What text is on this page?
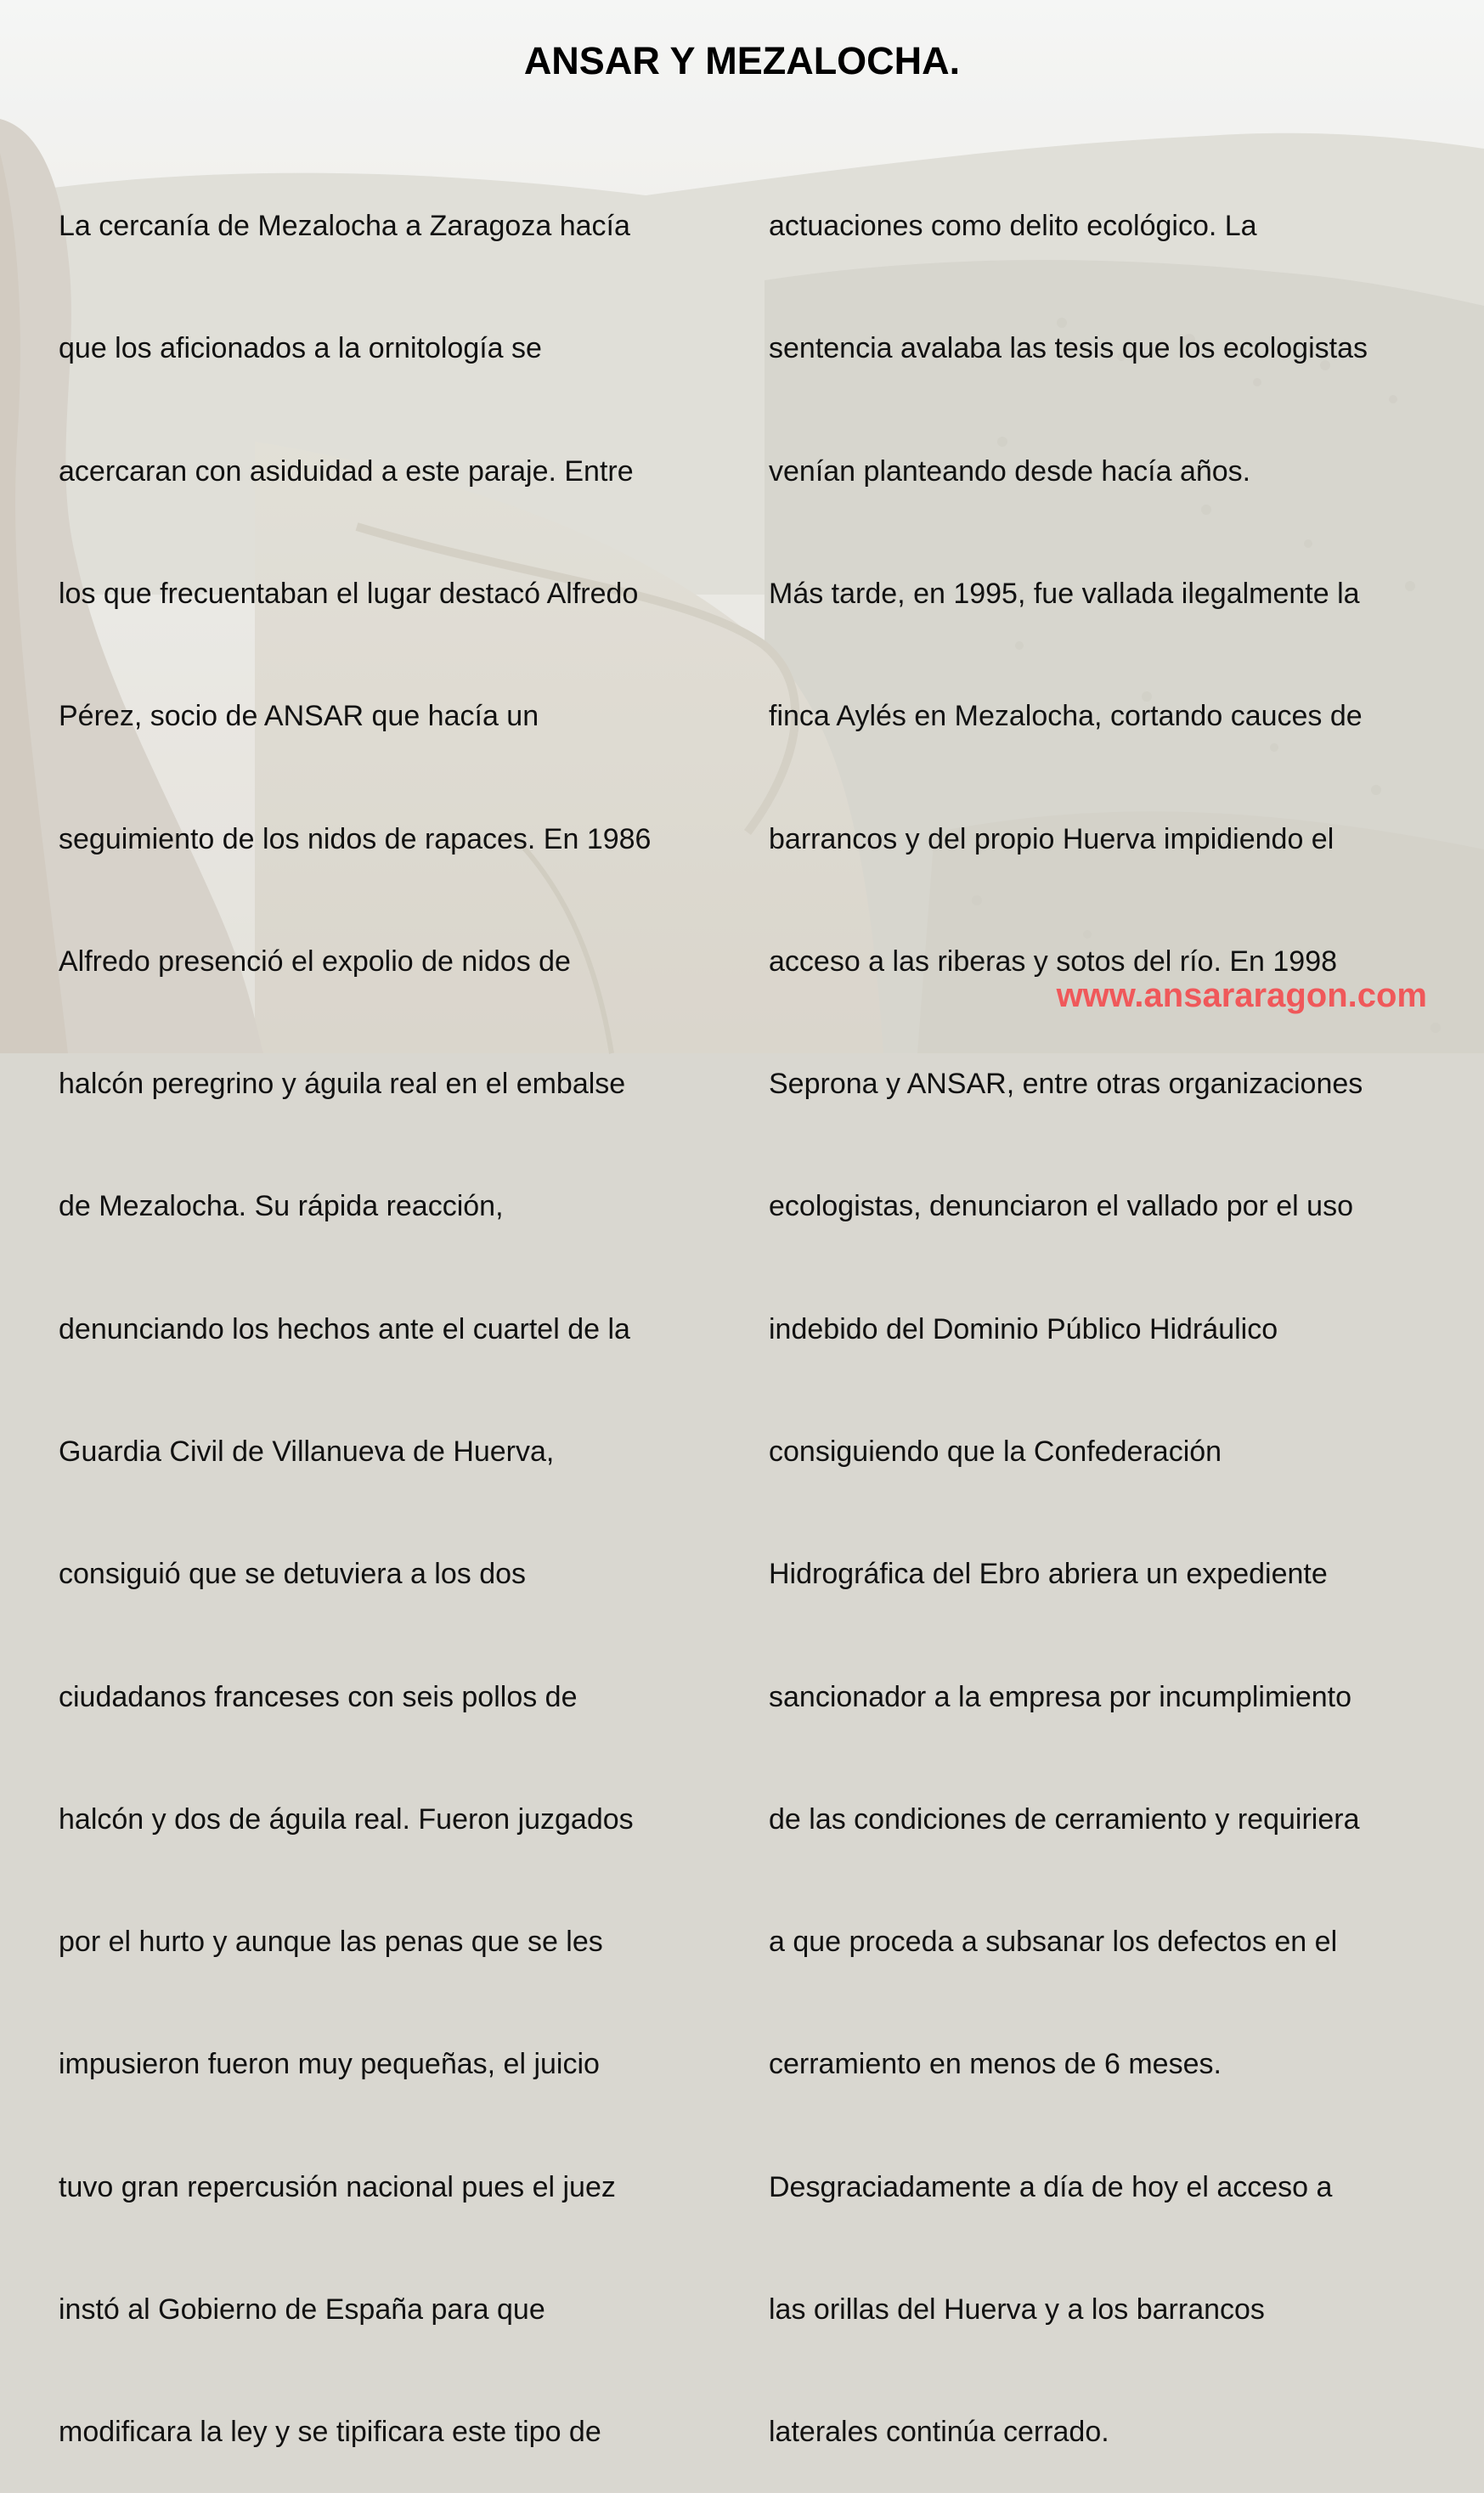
ANSAR Y MEZALOCHA.

La cercanía de Mezalocha a Zaragoza hacía

que los aficionados a la ornitología se

acercaran con asiduidad a este paraje. Entre

los que frecuentaban el lugar destacó Alfredo

Pérez, socio de ANSAR que hacía un

seguimiento de los nidos de rapaces. En 1986

Alfredo presenció el expolio de nidos de

halcón peregrino y águila real en el embalse

de Mezalocha. Su rápida reacción,

denunciando los hechos ante el cuartel de la

Guardia Civil de Villanueva de Huerva,

consiguió que se detuviera a los dos

ciudadanos franceses con seis pollos de

halcón y dos de águila real. Fueron juzgados

por el hurto y aunque las penas que se les

impusieron fueron muy pequeñas, el juicio

tuvo gran repercusión nacional pues el juez

instó al Gobierno de España para que

modificara la ley y se tipificara este tipo de

actuaciones como delito ecológico. La

sentencia avalaba las tesis que los ecologistas

venían planteando desde hacía años.

Más tarde, en 1995, fue vallada ilegalmente la

finca Aylés en Mezalocha, cortando cauces de

barrancos y del propio Huerva impidiendo el

acceso a las riberas y sotos del río. En 1998

Seprona y ANSAR, entre otras organizaciones

ecologistas, denunciaron el vallado por el uso

indebido del Dominio Público Hidráulico

consiguiendo que la Confederación

Hidrográfica del Ebro abriera un expediente

sancionador a la empresa por incumplimiento

de las condiciones de cerramiento y requiriera

a que proceda a subsanar los defectos en el

cerramiento en menos de 6 meses.

Desgraciadamente a día de hoy el acceso a

las orillas del Huerva y a los barrancos

laterales continúa cerrado.

www.ansararagon.com
